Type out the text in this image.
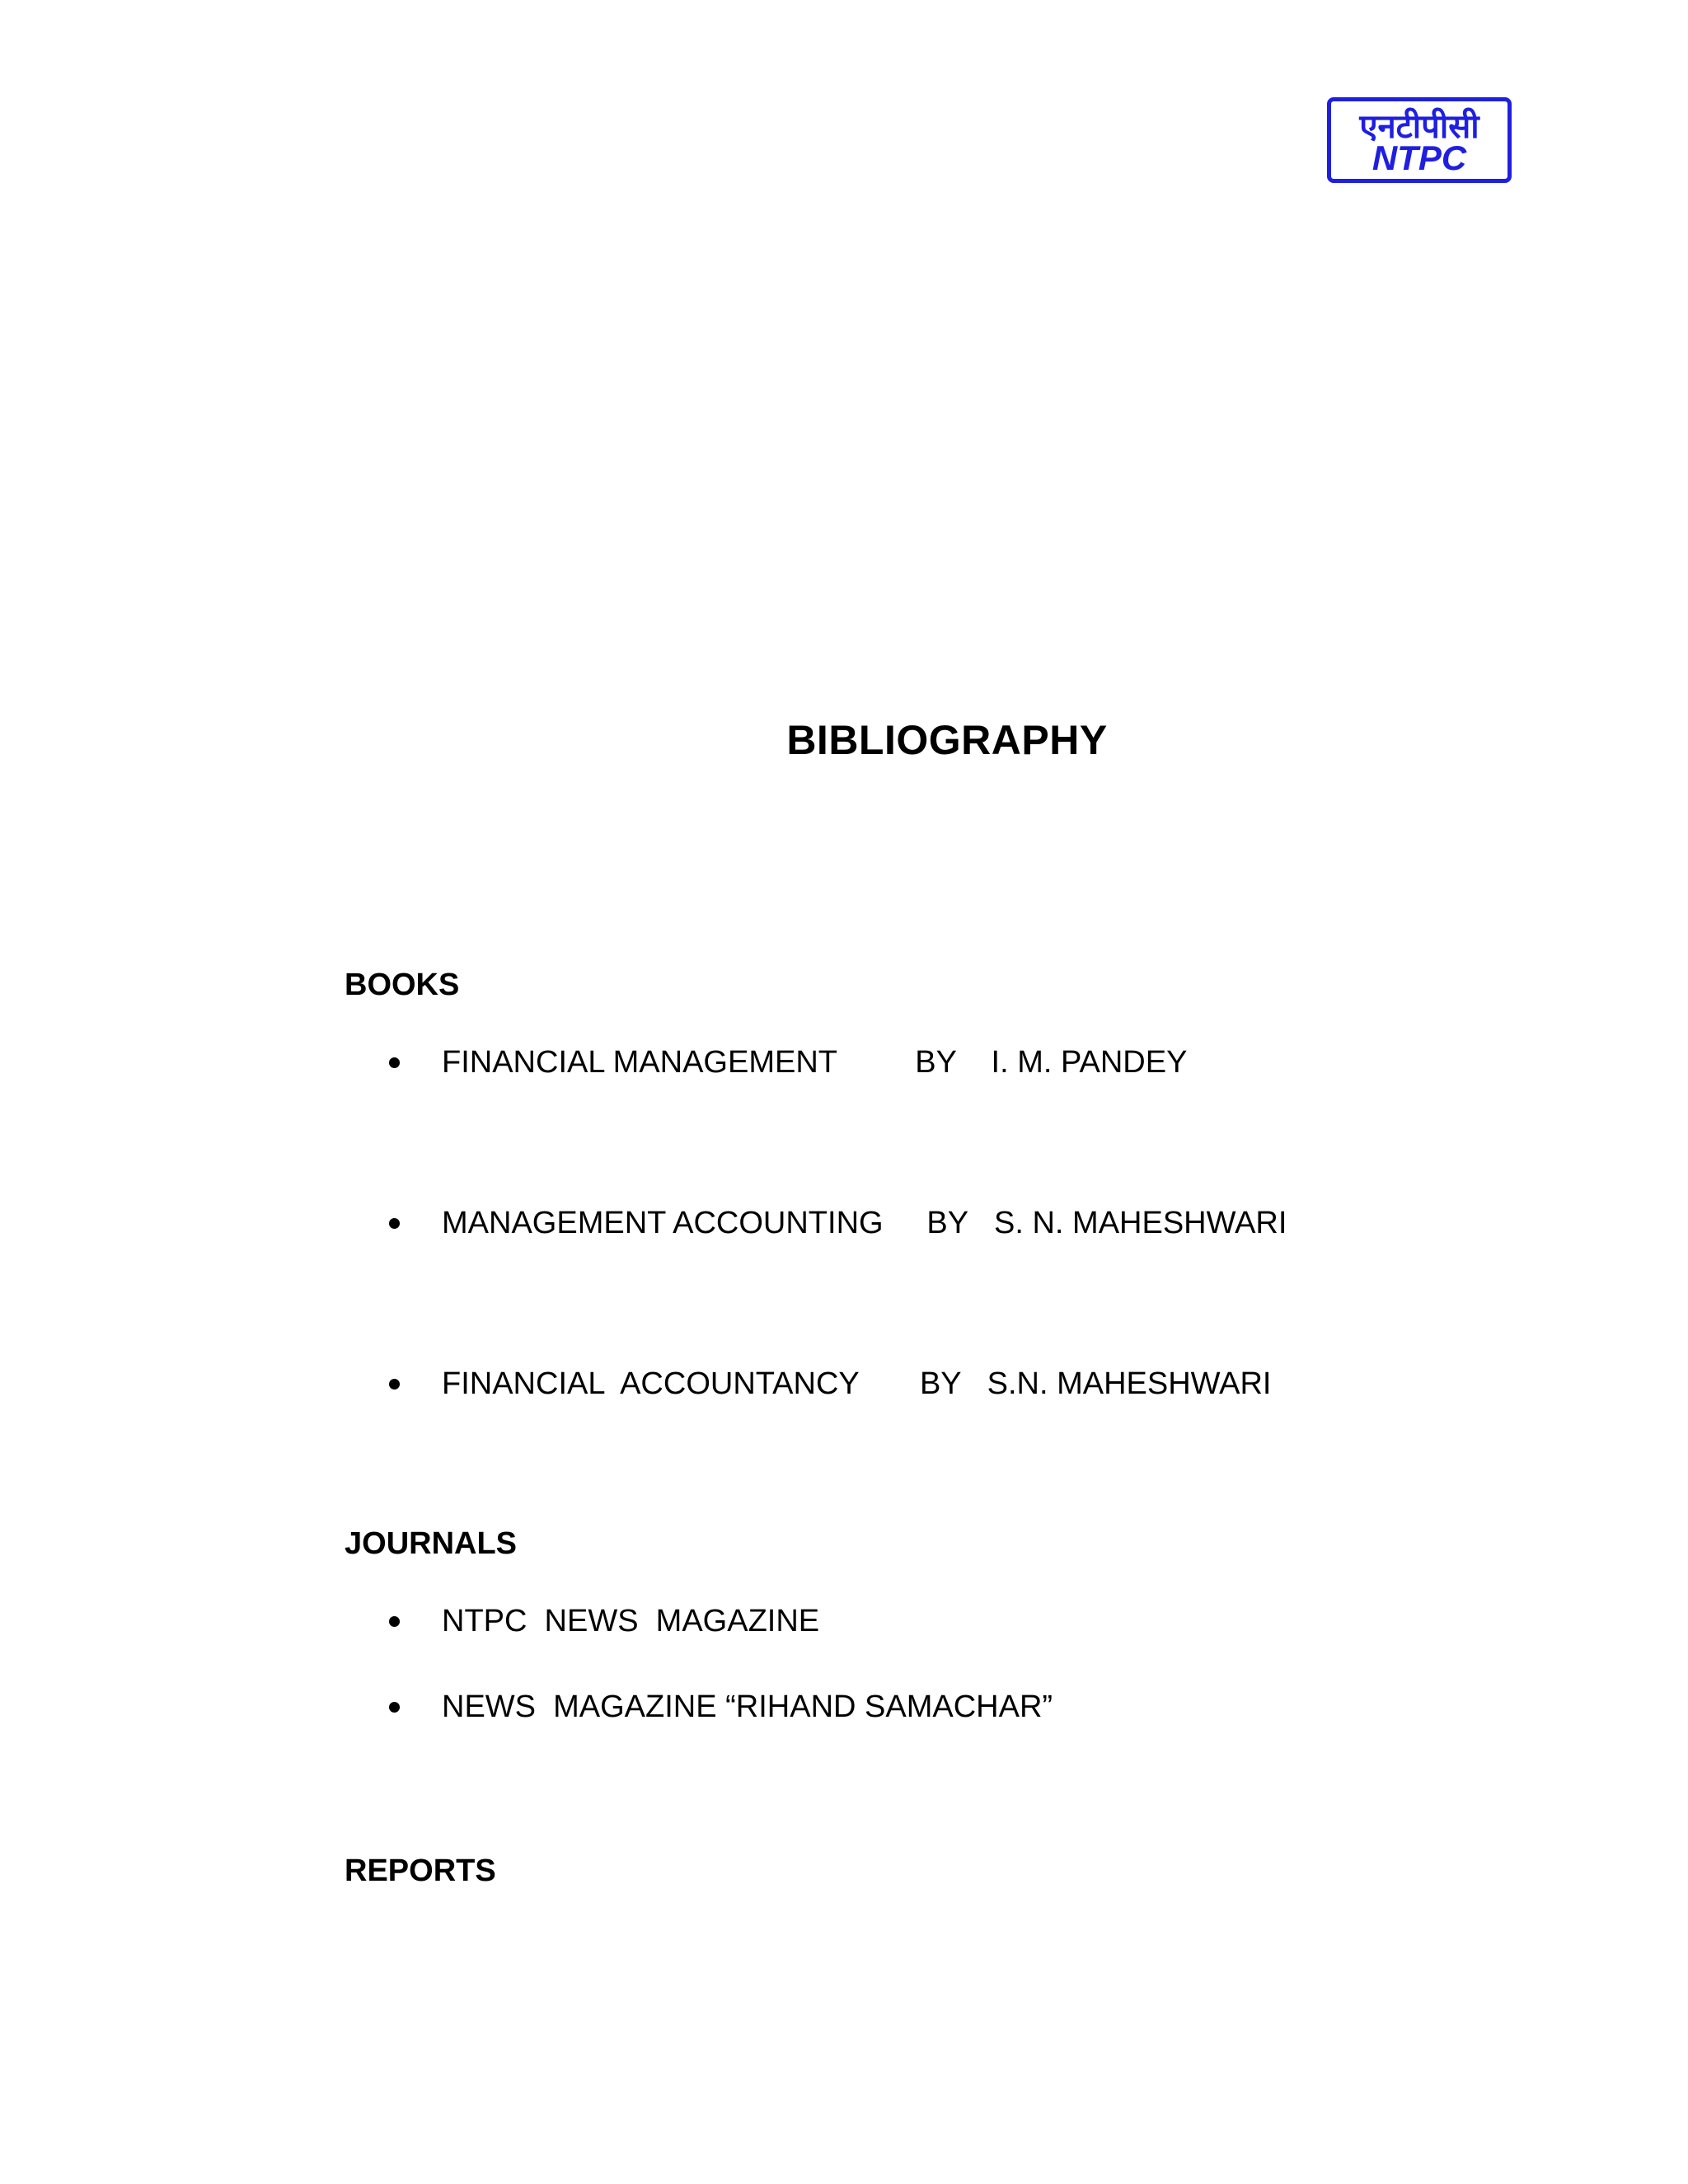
एनटीपीसी
NTPC
BIBLIOGRAPHY
BOOKS

FINANCIAL MANAGEMENT         BY    I. M. PANDEY

MANAGEMENT ACCOUNTING     BY   S. N. MAHESHWARI

FINANCIAL  ACCOUNTANCY       BY   S.N. MAHESHWARI

JOURNALS

NTPC  NEWS  MAGAZINE

NEWS  MAGAZINE “RIHAND SAMACHAR”

REPORTS
